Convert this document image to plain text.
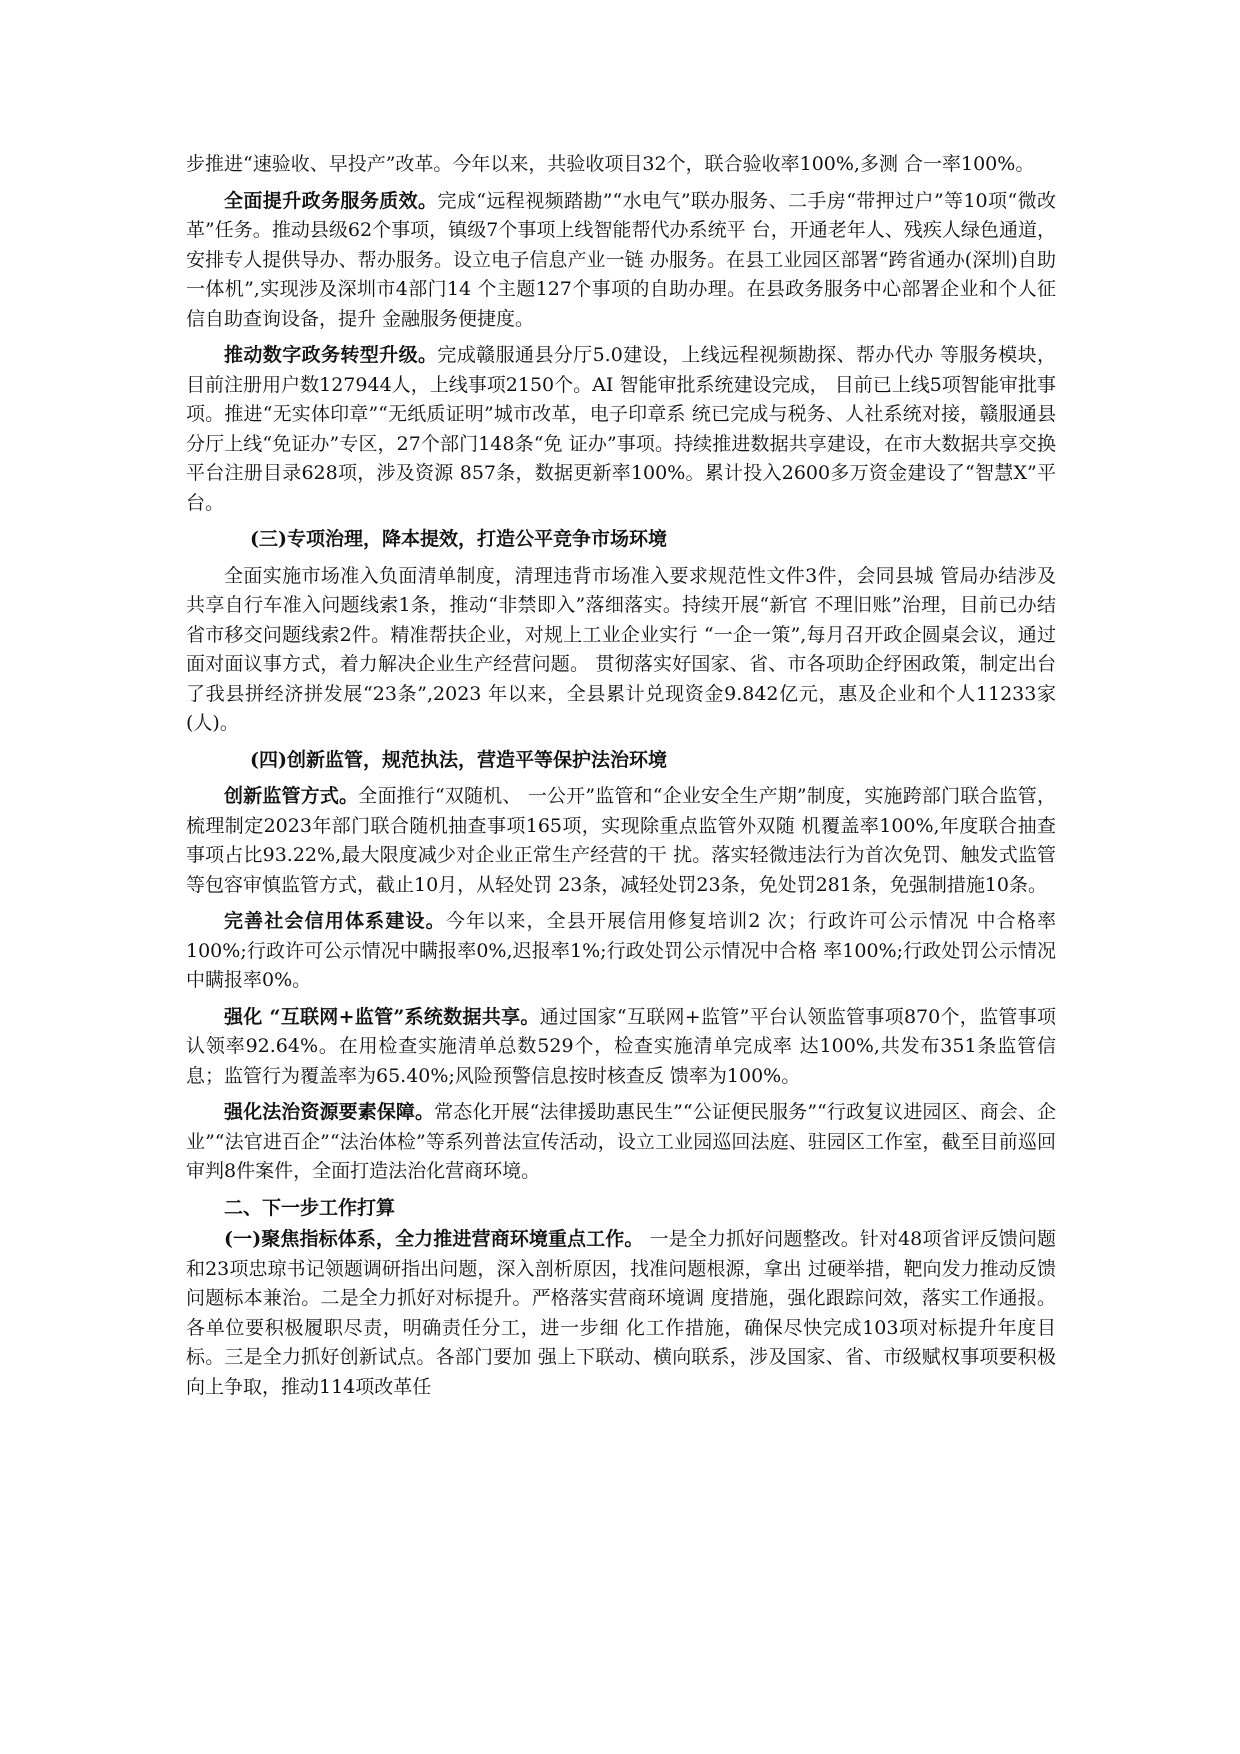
步推进“速验收、早投产”改革。今年以来，共验收项目32个，联合验收率100%,多测 合一率100%。

全面提升政务服务质效。完成“远程视频踏勘”“水电气”联办服务、二手房“带押过户”等10项“微改革”任务。推动县级62个事项，镇级7个事项上线智能帮代办系统平 台，开通老年人、残疾人绿色通道，安排专人提供导办、帮办服务。设立电子信息产业一链 办服务。在县工业园区部署“跨省通办(深圳)自助一体机”,实现涉及深圳市4部门14 个主题127个事项的自助办理。在县政务服务中心部署企业和个人征信自助查询设备，提升 金融服务便捷度。

推动数字政务转型升级。完成赣服通县分厅5.0建设，上线远程视频勘探、帮办代办 等服务模块，目前注册用户数127944人，上线事项2150个。AI 智能审批系统建设完成， 目前已上线5项智能审批事项。推进“无实体印章”“无纸质证明”城市改革，电子印章系 统已完成与税务、人社系统对接，赣服通县分厅上线“免证办”专区，27个部门148条“免 证办”事项。持续推进数据共享建设，在市大数据共享交换平台注册目录628项，涉及资源 857条，数据更新率100%。累计投入2600多万资金建设了“智慧X”平台。

(三)专项治理，降本提效，打造公平竞争市场环境

全面实施市场准入负面清单制度，清理违背市场准入要求规范性文件3件，会同县城 管局办结涉及共享自行车准入问题线索1条，推动“非禁即入”落细落实。持续开展“新官 不理旧账”治理，目前已办结省市移交问题线索2件。精准帮扶企业，对规上工业企业实行 “一企一策”,每月召开政企圆桌会议，通过面对面议事方式，着力解决企业生产经营问题。 贯彻落实好国家、省、市各项助企纾困政策，制定出台了我县拼经济拼发展“23条”,2023 年以来，全县累计兑现资金9.842亿元，惠及企业和个人11233家(人)。

(四)创新监管，规范执法，营造平等保护法治环境

创新监管方式。全面推行“双随机、 一公开”监管和“企业安全生产期”制度，实施跨部门联合监管，梳理制定2023年部门联合随机抽查事项165项，实现除重点监管外双随 机覆盖率100%,年度联合抽查事项占比93.22%,最大限度减少对企业正常生产经营的干 扰。落实轻微违法行为首次免罚、触发式监管等包容审慎监管方式，截止10月，从轻处罚 23条，减轻处罚23条，免处罚281条，免强制措施10条。

完善社会信用体系建设。今年以来，全县开展信用修复培训2 次；行政许可公示情况 中合格率100%;行政许可公示情况中瞒报率0%,迟报率1%;行政处罚公示情况中合格 率100%;行政处罚公示情况中瞒报率0%。

强化 “互联网+监管”系统数据共享。通过国家“互联网+监管”平台认领监管事项870个，监管事项认领率92.64%。在用检查实施清单总数529个，检查实施清单完成率 达100%,共发布351条监管信息；监管行为覆盖率为65.40%;风险预警信息按时核查反 馈率为100%。

强化法治资源要素保障。常态化开展“法律援助惠民生”“公证便民服务”“行政复议进园区、商会、企业”“法官进百企”“法治体检”等系列普法宣传活动，设立工业园巡回法庭、驻园区工作室，截至目前巡回审判8件案件，全面打造法治化营商环境。

二、下一步工作打算

(一)聚焦指标体系，全力推进营商环境重点工作。 一是全力抓好问题整改。针对48项省评反馈问题和23项忠琼书记领题调研指出问题，深入剖析原因，找准问题根源，拿出 过硬举措，靶向发力推动反馈问题标本兼治。二是全力抓好对标提升。严格落实营商环境调 度措施，强化跟踪问效，落实工作通报。各单位要积极履职尽责，明确责任分工，进一步细 化工作措施，确保尽快完成103项对标提升年度目标。三是全力抓好创新试点。各部门要加 强上下联动、横向联系，涉及国家、省、市级赋权事项要积极向上争取，推动114项改革任
